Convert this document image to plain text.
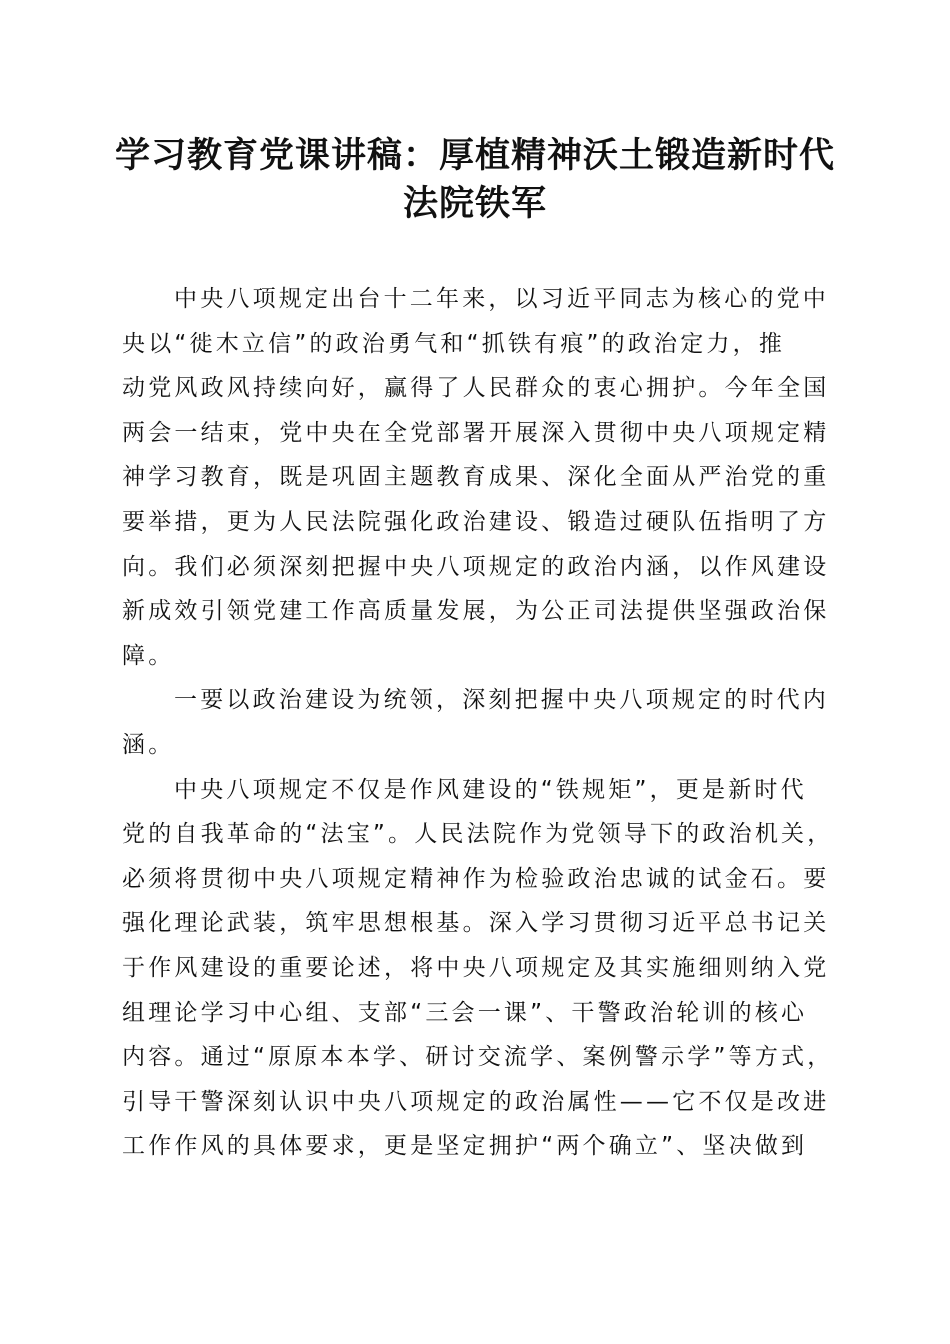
学习教育党课讲稿：厚植精神沃土锻造新时代
法院铁军

中央八项规定出台十二年来，以习近平同志为核心的党中
央以“徙木立信”的政治勇气和“抓铁有痕”的政治定力，推
动党风政风持续向好，赢得了人民群众的衷心拥护。今年全国
两会一结束，党中央在全党部署开展深入贯彻中央八项规定精
神学习教育，既是巩固主题教育成果、深化全面从严治党的重
要举措，更为人民法院强化政治建设、锻造过硬队伍指明了方
向。我们必须深刻把握中央八项规定的政治内涵，以作风建设
新成效引领党建工作高质量发展，为公正司法提供坚强政治保
障。

一要以政治建设为统领，深刻把握中央八项规定的时代内
涵。

中央八项规定不仅是作风建设的“铁规矩”，更是新时代
党的自我革命的“法宝”。人民法院作为党领导下的政治机关，
必须将贯彻中央八项规定精神作为检验政治忠诚的试金石。要
强化理论武装，筑牢思想根基。深入学习贯彻习近平总书记关
于作风建设的重要论述，将中央八项规定及其实施细则纳入党
组理论学习中心组、支部“三会一课”、干警政治轮训的核心
内容。通过“原原本本学、研讨交流学、案例警示学”等方式，
引导干警深刻认识中央八项规定的政治属性——它不仅是改进
工作作风的具体要求，更是坚定拥护“两个确立”、坚决做到
